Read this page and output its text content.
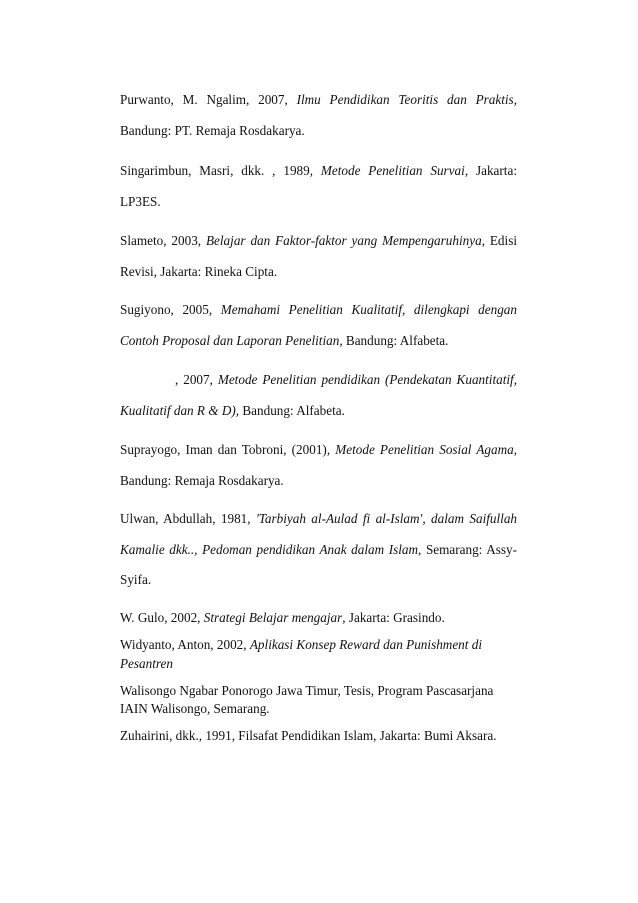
Purwanto, M. Ngalim, 2007, Ilmu Pendidikan Teoritis dan Praktis,
Bandung: PT. Remaja Rosdakarya.
Singarimbun, Masri, dkk. , 1989, Metode Penelitian Survai, Jakarta:
LP3ES.
Slameto, 2003, Belajar dan Faktor-faktor yang Mempengaruhinya, Edisi
Revisi, Jakarta: Rineka Cipta.
Sugiyono, 2005, Memahami Penelitian Kualitatif, dilengkapi dengan
Contoh Proposal dan Laporan Penelitian, Bandung: Alfabeta.
, 2007, Metode Penelitian pendidikan (Pendekatan Kuantitatif,
Kualitatif dan R & D), Bandung: Alfabeta.
Suprayogo, Iman dan Tobroni, (2001), Metode Penelitian Sosial Agama,
Bandung: Remaja Rosdakarya.
Ulwan, Abdullah, 1981, 'Tarbiyah al-Aulad fi al-Islam', dalam Saifullah
Kamalie dkk.., Pedoman pendidikan Anak dalam Islam, Semarang: Assy-
Syifa.
W. Gulo, 2002, Strategi Belajar mengajar, Jakarta: Grasindo.
Widyanto, Anton, 2002, Aplikasi Konsep Reward dan Punishment di
Pesantren
Walisongo Ngabar Ponorogo Jawa Timur, Tesis, Program Pascasarjana
IAIN Walisongo, Semarang.
Zuhairini, dkk., 1991, Filsafat Pendidikan Islam, Jakarta: Bumi Aksara.
